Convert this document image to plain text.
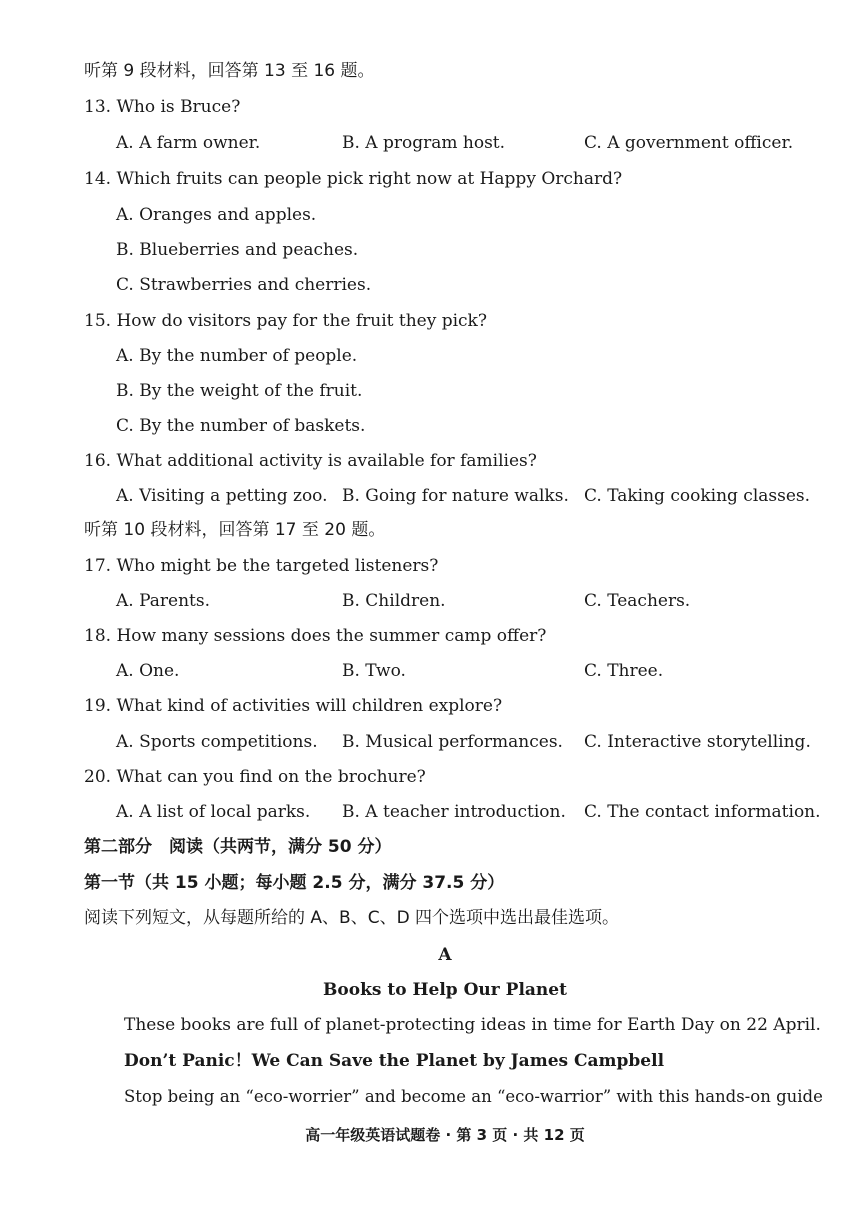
听第 9 段材料，回答第 13 至 16 题。
13. Who is Bruce?
A. A farm owner.	B. A program host.	C. A government officer.
14. Which fruits can people pick right now at Happy Orchard?
A. Oranges and apples.
B. Blueberries and peaches.
C. Strawberries and cherries.
15. How do visitors pay for the fruit they pick?
A. By the number of people.
B. By the weight of the fruit.
C. By the number of baskets.
16. What additional activity is available for families?
A. Visiting a petting zoo. B. Going for nature walks. C. Taking cooking classes.
听第 10 段材料，回答第 17 至 20 题。
17. Who might be the targeted listeners?
A. Parents.	B. Children.	C. Teachers.
18. How many sessions does the summer camp offer?
A. One.	B. Two.	C. Three.
19. What kind of activities will children explore?
A. Sports competitions. B. Musical performances. C. Interactive storytelling.
20. What can you find on the brochure?
A. A list of local parks. B. A teacher introduction. C. The contact information.
第二部分　阅读（共两节，满分 50 分）
第一节（共 15 小题；每小题 2.5 分，满分 37.5 分）
阅读下列短文，从每题所给的 A、B、C、D 四个选项中选出最佳选项。
A
Books to Help Our Planet
These books are full of planet-protecting ideas in time for Earth Day on 22 April.
Don’t Panic！We Can Save the Planet by James Campbell
Stop being an “eco-worrier” and become an “eco-warrior” with this hands-on guide
高一年级英语试题卷 · 第 3 页 · 共 12 页
